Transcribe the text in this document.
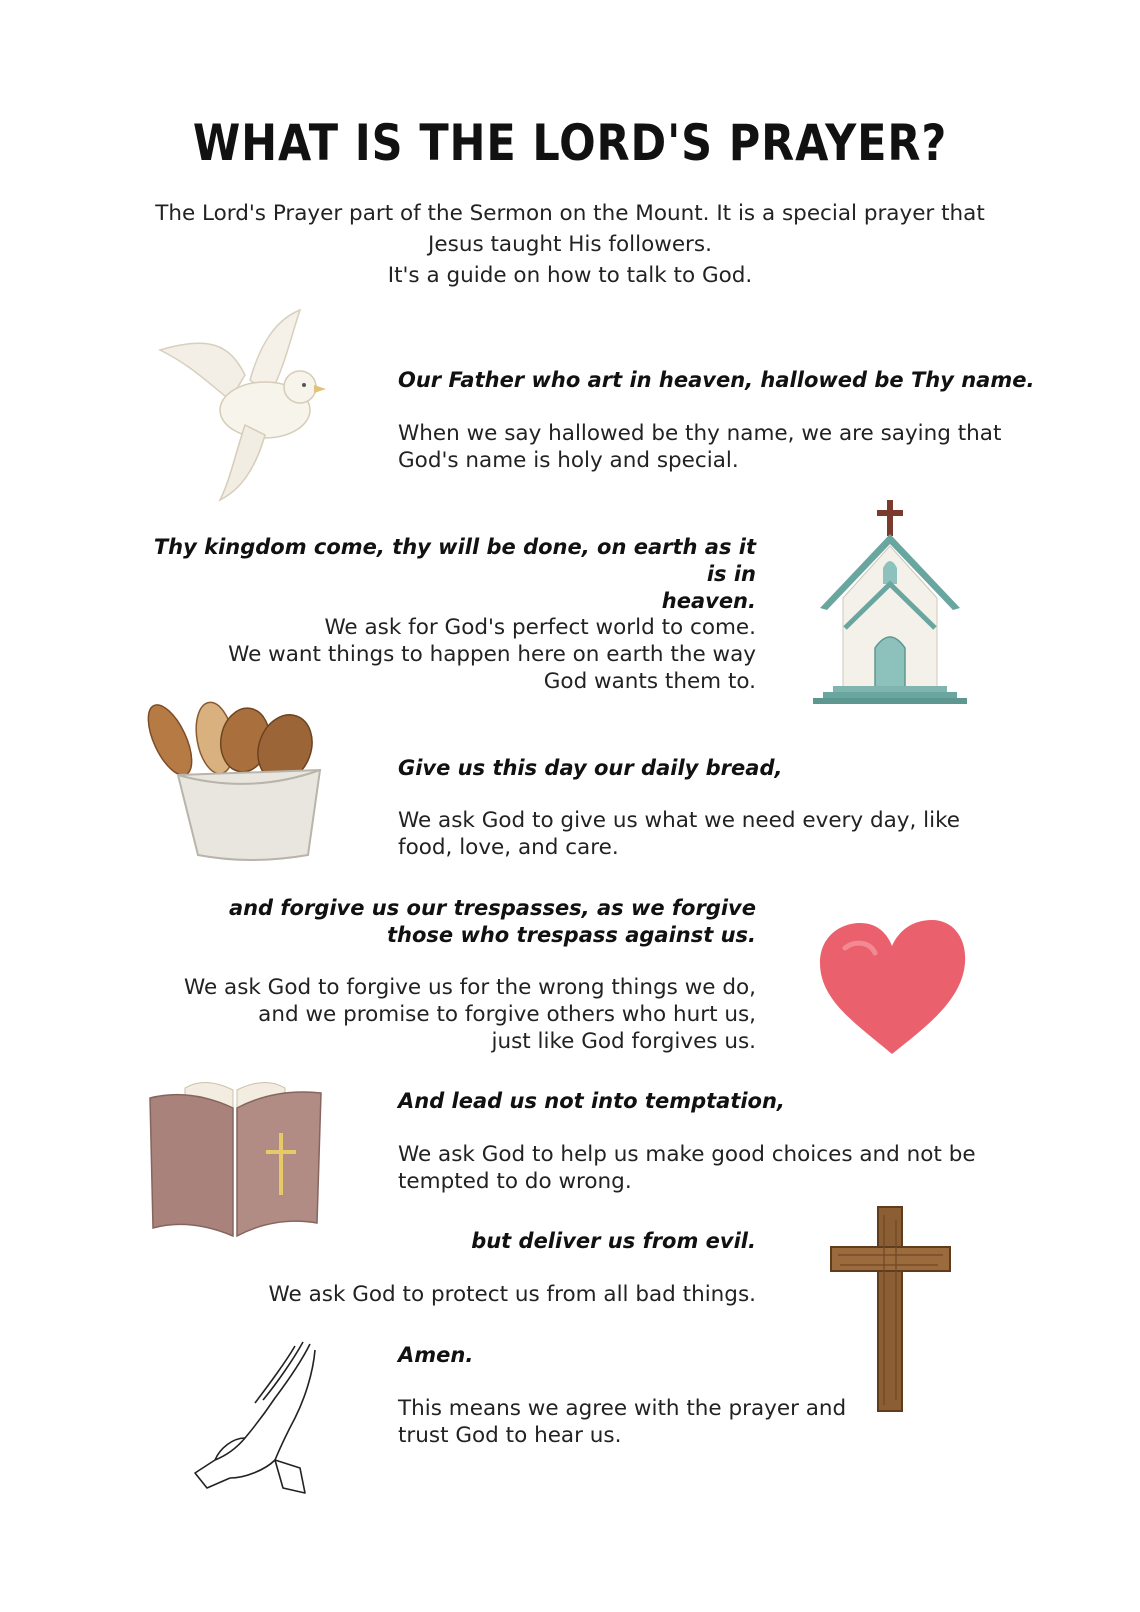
WHAT IS THE LORD'S PRAYER?
The Lord's Prayer part of the Sermon on the Mount. It is a special prayer that
Jesus taught His followers.
It's a guide on how to talk to God.
Our Father who art in heaven, hallowed be Thy name.
When we say hallowed be thy name, we are saying that
God's name is holy and special.
Thy kingdom come, thy will be done, on earth as it is in
heaven.
We ask for God's perfect world to come.
We want things to happen here on earth the way
God wants them to.
Give us this day our daily bread,
We ask God to give us what we need every day, like
food, love, and care.
and forgive us our trespasses, as we forgive
those who trespass against us.
We ask God to forgive us for the wrong things we do,
and we promise to forgive others who hurt us,
just like God forgives us.
And lead us not into temptation,
We ask God to help us make good choices and not be
tempted to do wrong.
but deliver us from evil.
We ask God to protect us from all bad things.
Amen.
This means we agree with the prayer and
trust God to hear us.
